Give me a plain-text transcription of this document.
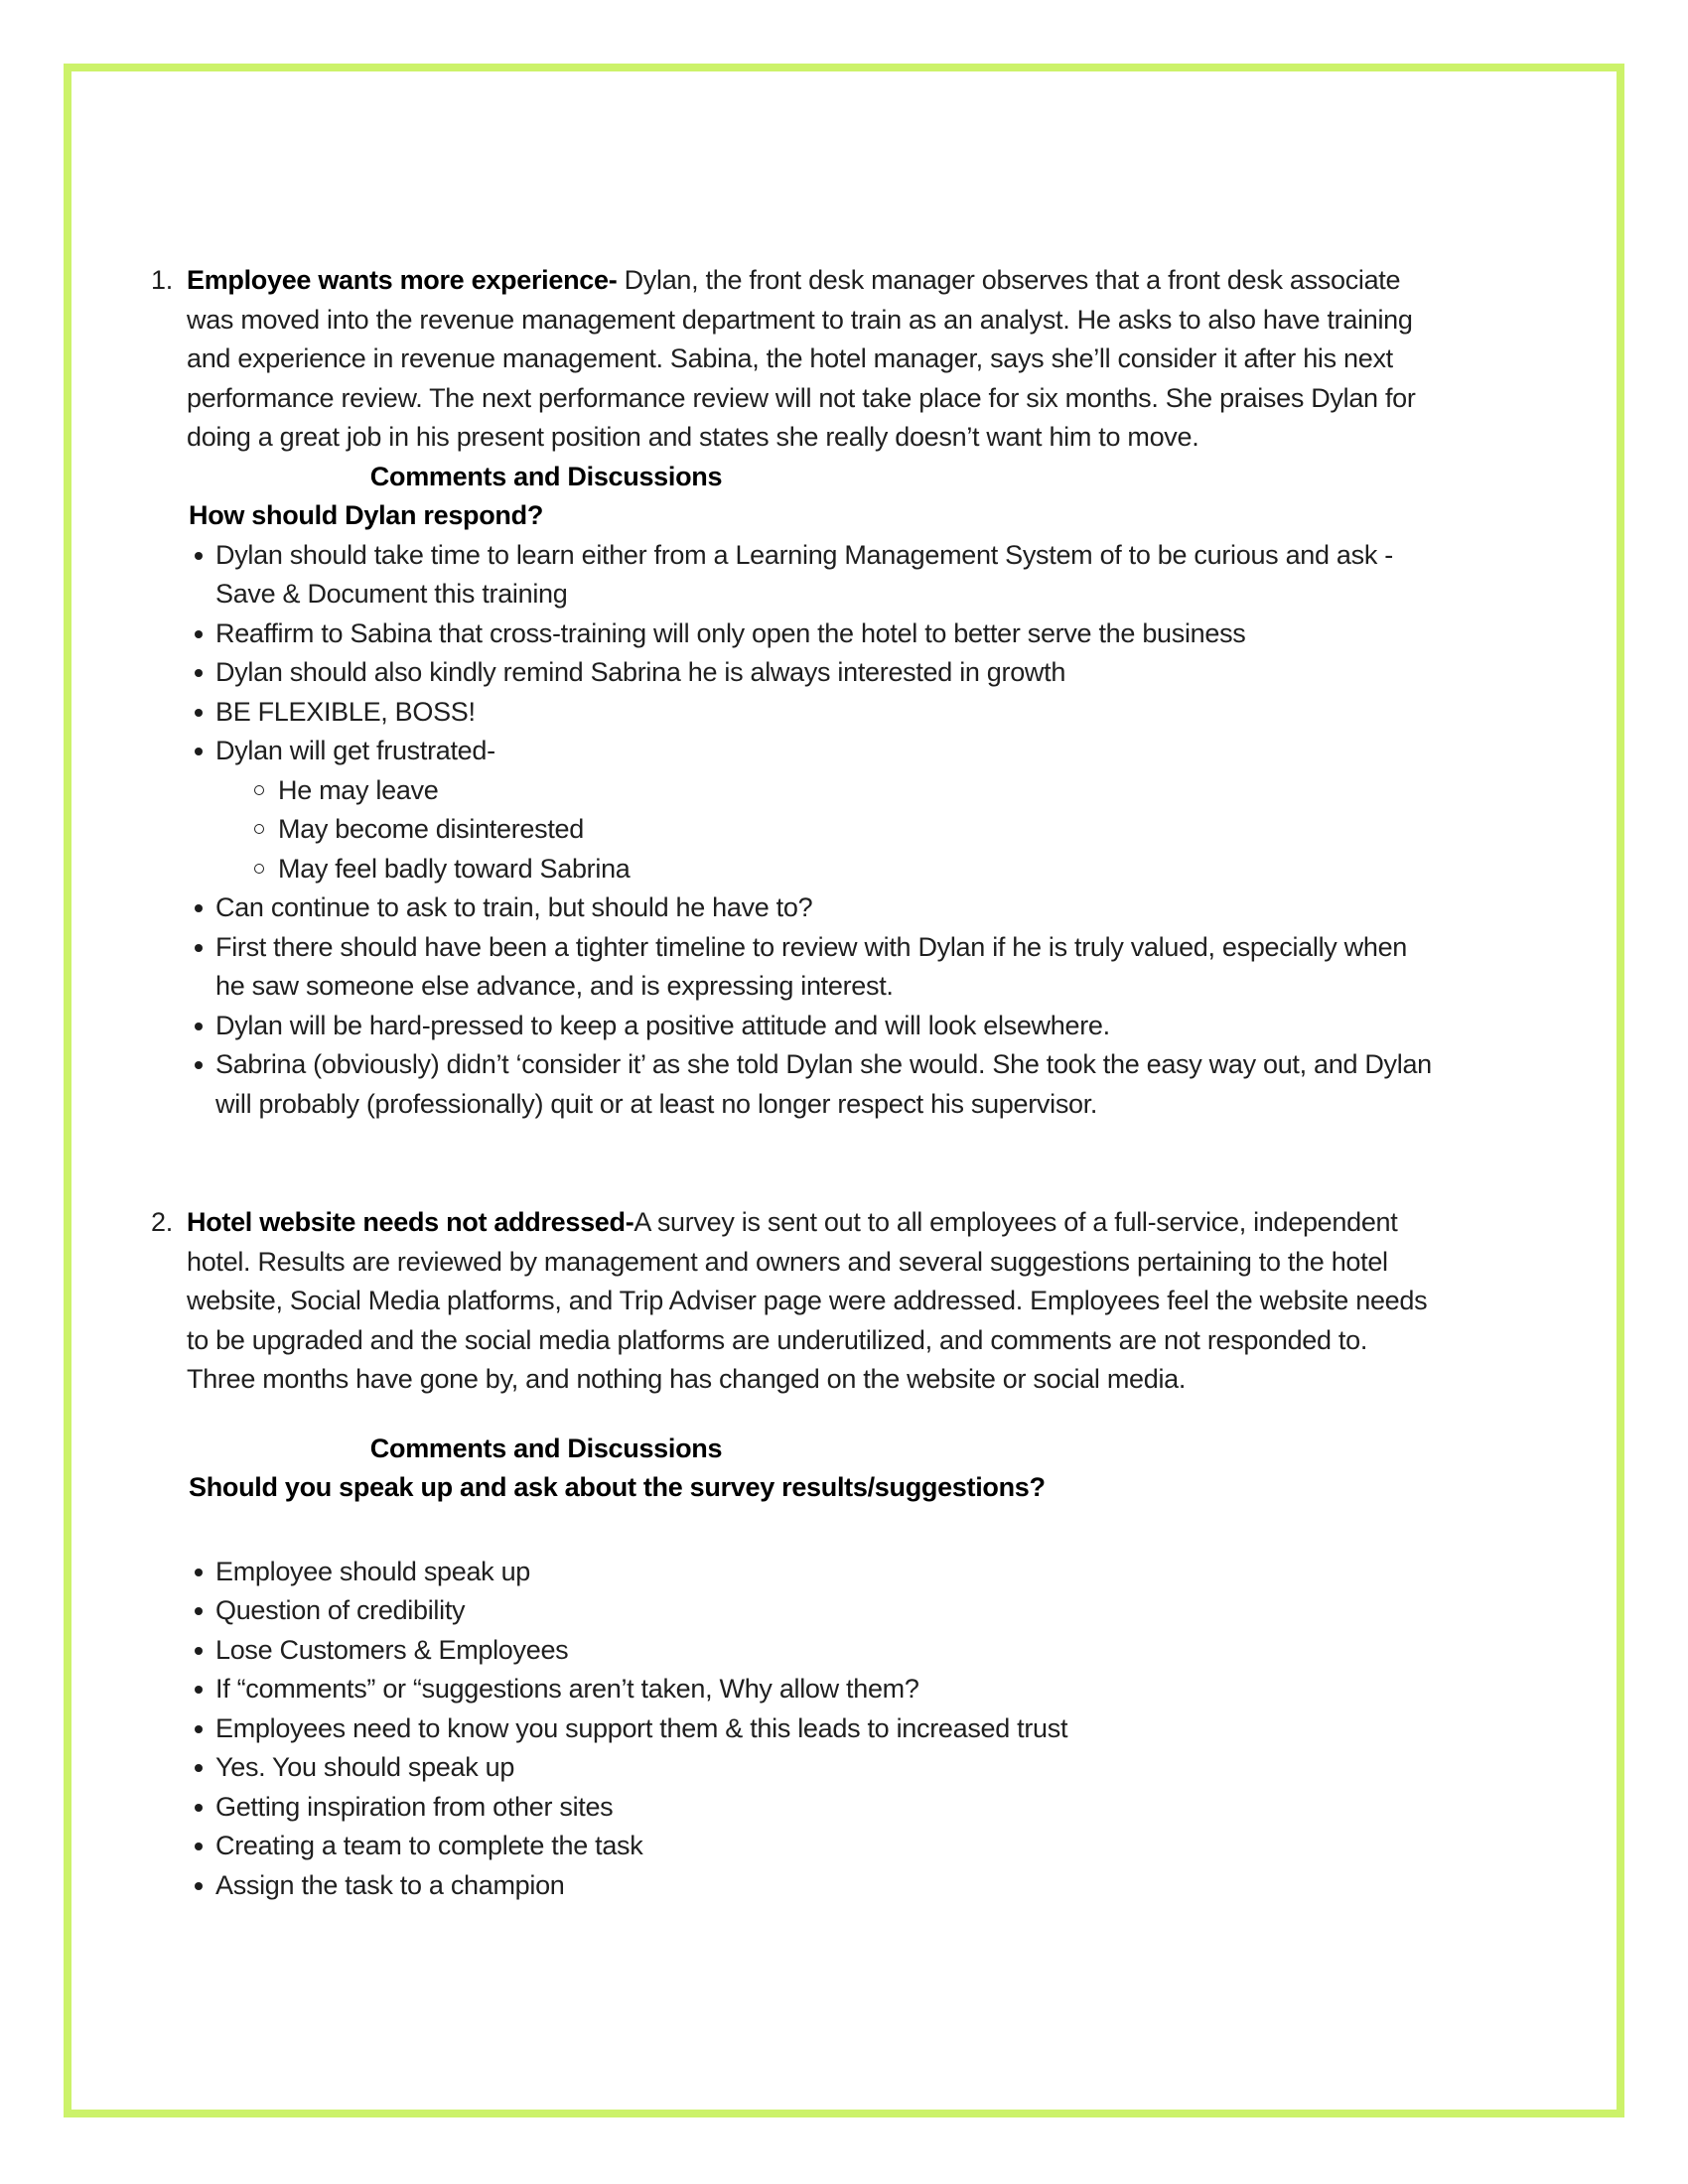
1. Employee wants more experience- Dylan, the front desk manager observes that a front desk associate was moved into the revenue management department to train as an analyst. He asks to also have training and experience in revenue management. Sabina, the hotel manager, says she’ll consider it after his next performance review. The next performance review will not take place for six months. She praises Dylan for doing a great job in his present position and states she really doesn’t want him to move.
Comments and Discussions
How should Dylan respond?
Dylan should take time to learn either from a Learning Management System of to be curious and ask -Save & Document this training
Reaffirm to Sabina that cross-training will only open the hotel to better serve the business
Dylan should also kindly remind Sabrina he is always interested in growth
BE FLEXIBLE, BOSS!
Dylan will get frustrated-
He may leave
May become disinterested
May feel badly toward Sabrina
Can continue to ask to train, but should he have to?
First there should have been a tighter timeline to review with Dylan if he is truly valued, especially when he saw someone else advance, and is expressing interest.
Dylan will be hard-pressed to keep a positive attitude and will look elsewhere.
Sabrina (obviously) didn’t ‘consider it’ as she told Dylan she would. She took the easy way out, and Dylan will probably (professionally) quit or at least no longer respect his supervisor.
2. Hotel website needs not addressed-A survey is sent out to all employees of a full-service, independent hotel. Results are reviewed by management and owners and several suggestions pertaining to the hotel website, Social Media platforms, and Trip Adviser page were addressed. Employees feel the website needs to be upgraded and the social media platforms are underutilized, and comments are not responded to. Three months have gone by, and nothing has changed on the website or social media.
Comments and Discussions
Should you speak up and ask about the survey results/suggestions?
Employee should speak up
Question of credibility
Lose Customers & Employees
If “comments” or “suggestions aren’t taken, Why allow them?
Employees need to know you support them & this leads to increased trust
Yes. You should speak up
Getting inspiration from other sites
Creating a team to complete the task
Assign the task to a champion
